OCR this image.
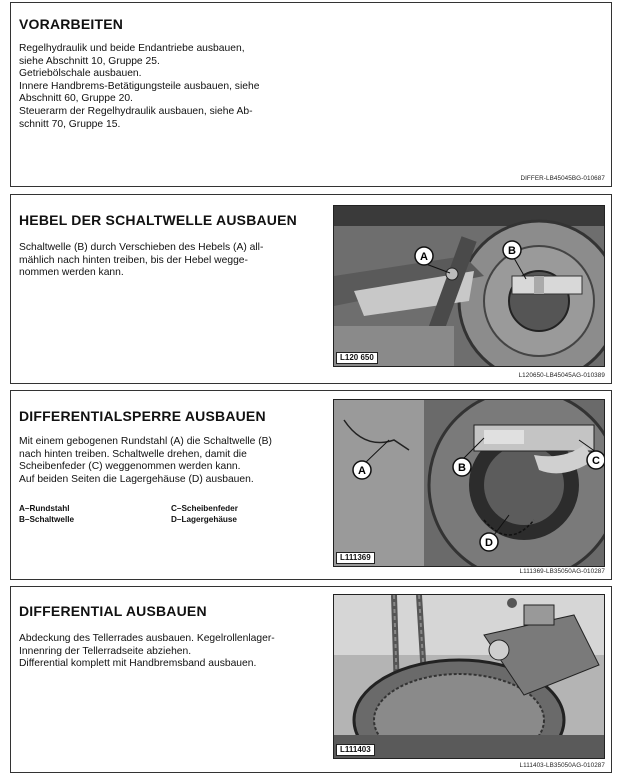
VORARBEITEN

Regelhydraulik und beide Endantriebe ausbauen,

siehe Abschnitt 10, Gruppe 25.

Getriebölschale ausbauen.

Innere Handbrems-Betätigungsteile ausbauen, siehe

Abschnitt 60, Gruppe 20.

Steuerarm der Regelhydraulik ausbauen, siehe Ab-

schnitt 70, Gruppe 15.

DIFFER-LB45045BG-010687
HEBEL DER SCHALTWELLE AUSBAUEN

Schaltwelle (B) durch Verschieben des Hebels (A) all-

mählich nach hinten treiben, bis der Hebel wegge-

nommen werden kann.

A	B
L120 650
L120650-LB45045AG-010389
DIFFERENTIALSPERRE AUSBAUEN

Mit einem gebogenen Rundstahl (A) die Schaltwelle (B)

nach hinten treiben. Schaltwelle drehen, damit die

Scheibenfeder (C) weggenommen werden kann.

Auf beiden Seiten die Lagergehäuse (D) ausbauen.

A–Rundstahl
B–Schaltwelle
C–Scheibenfeder
D–Lagergehäuse
A	B
C
D
L111369
L111369-LB35050AG-010287
DIFFERENTIAL AUSBAUEN

Abdeckung des Tellerrades ausbauen. Kegelrollenlager-

Innenring der Tellerradseite abziehen.

Differential komplett mit Handbremsband ausbauen.

L111403
L111403-LB35050AG-010287
